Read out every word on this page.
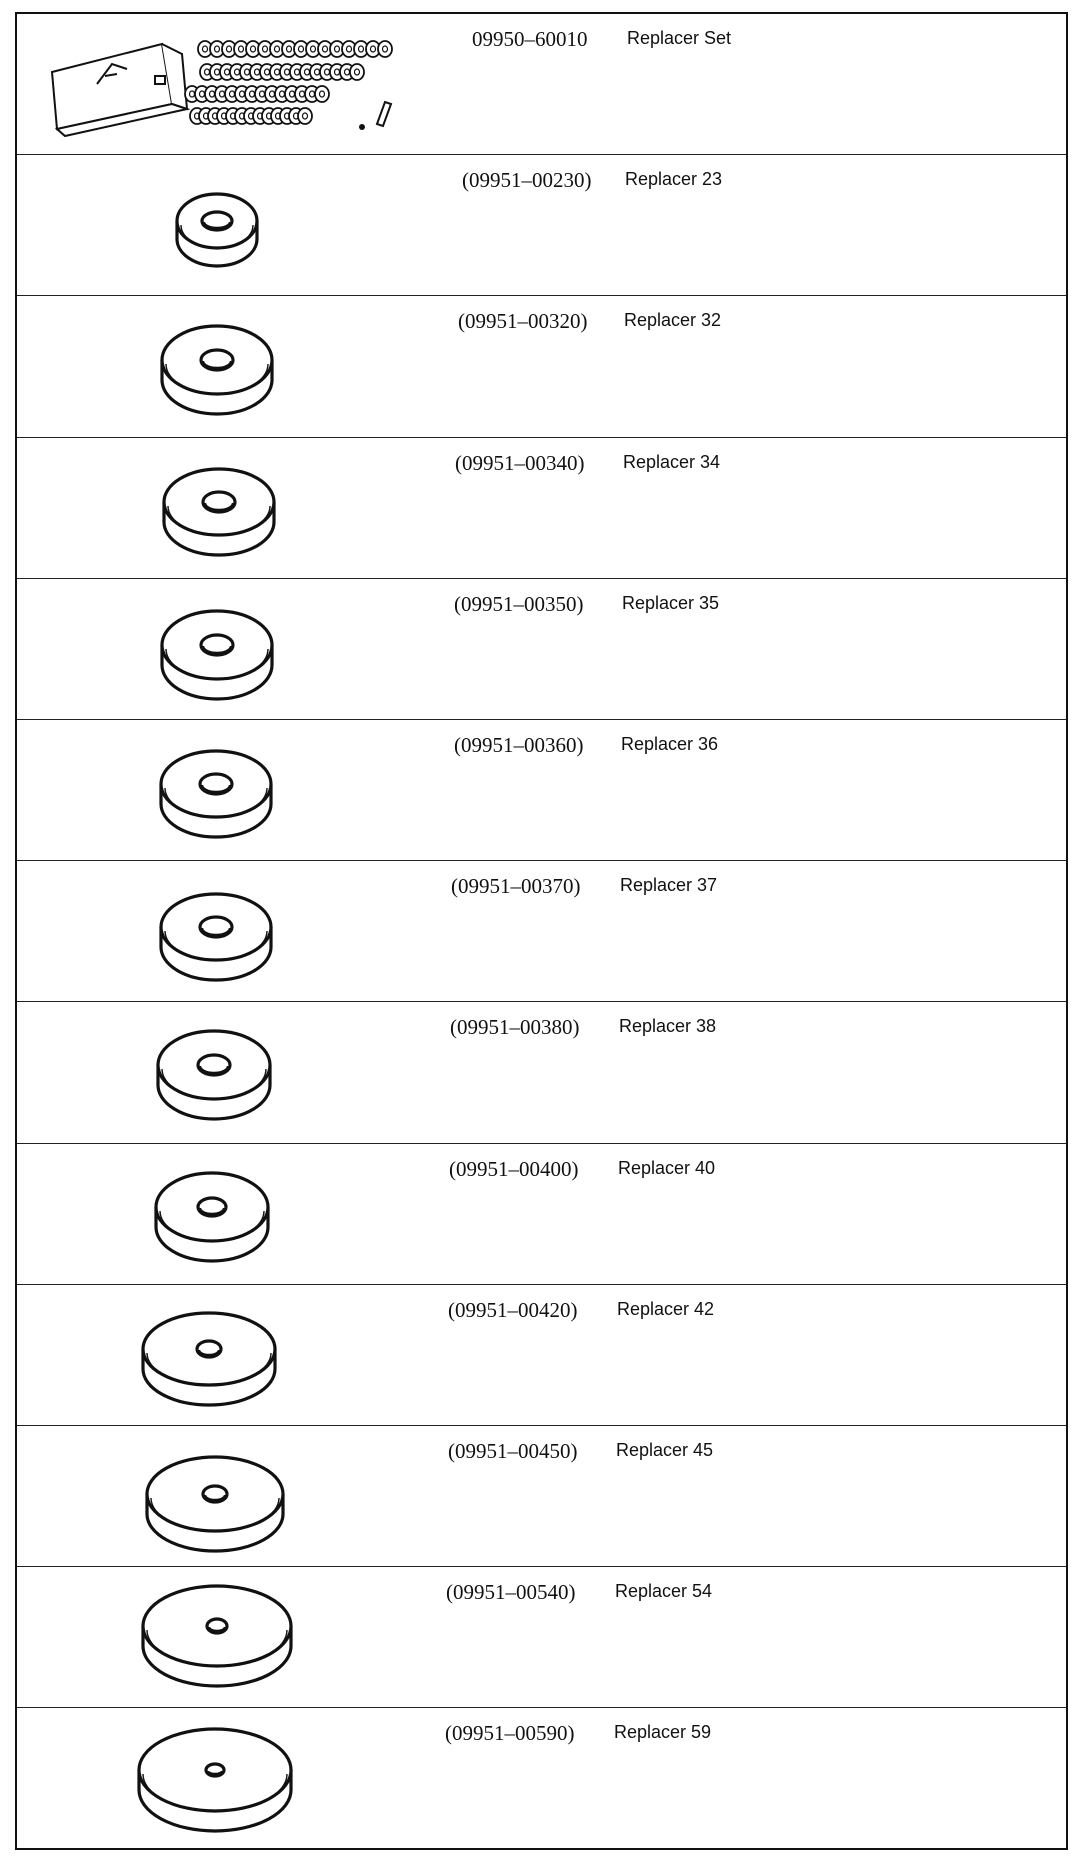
09950–60010 Replacer Set
(09951–00230) Replacer 23
(09951–00320) Replacer 32
(09951–00340) Replacer 34
(09951–00350) Replacer 35
(09951–00360) Replacer 36
(09951–00370) Replacer 37
(09951–00380) Replacer 38
(09951–00400) Replacer 40
(09951–00420) Replacer 42
(09951–00450) Replacer 45
(09951–00540) Replacer 54
(09951–00590) Replacer 59
